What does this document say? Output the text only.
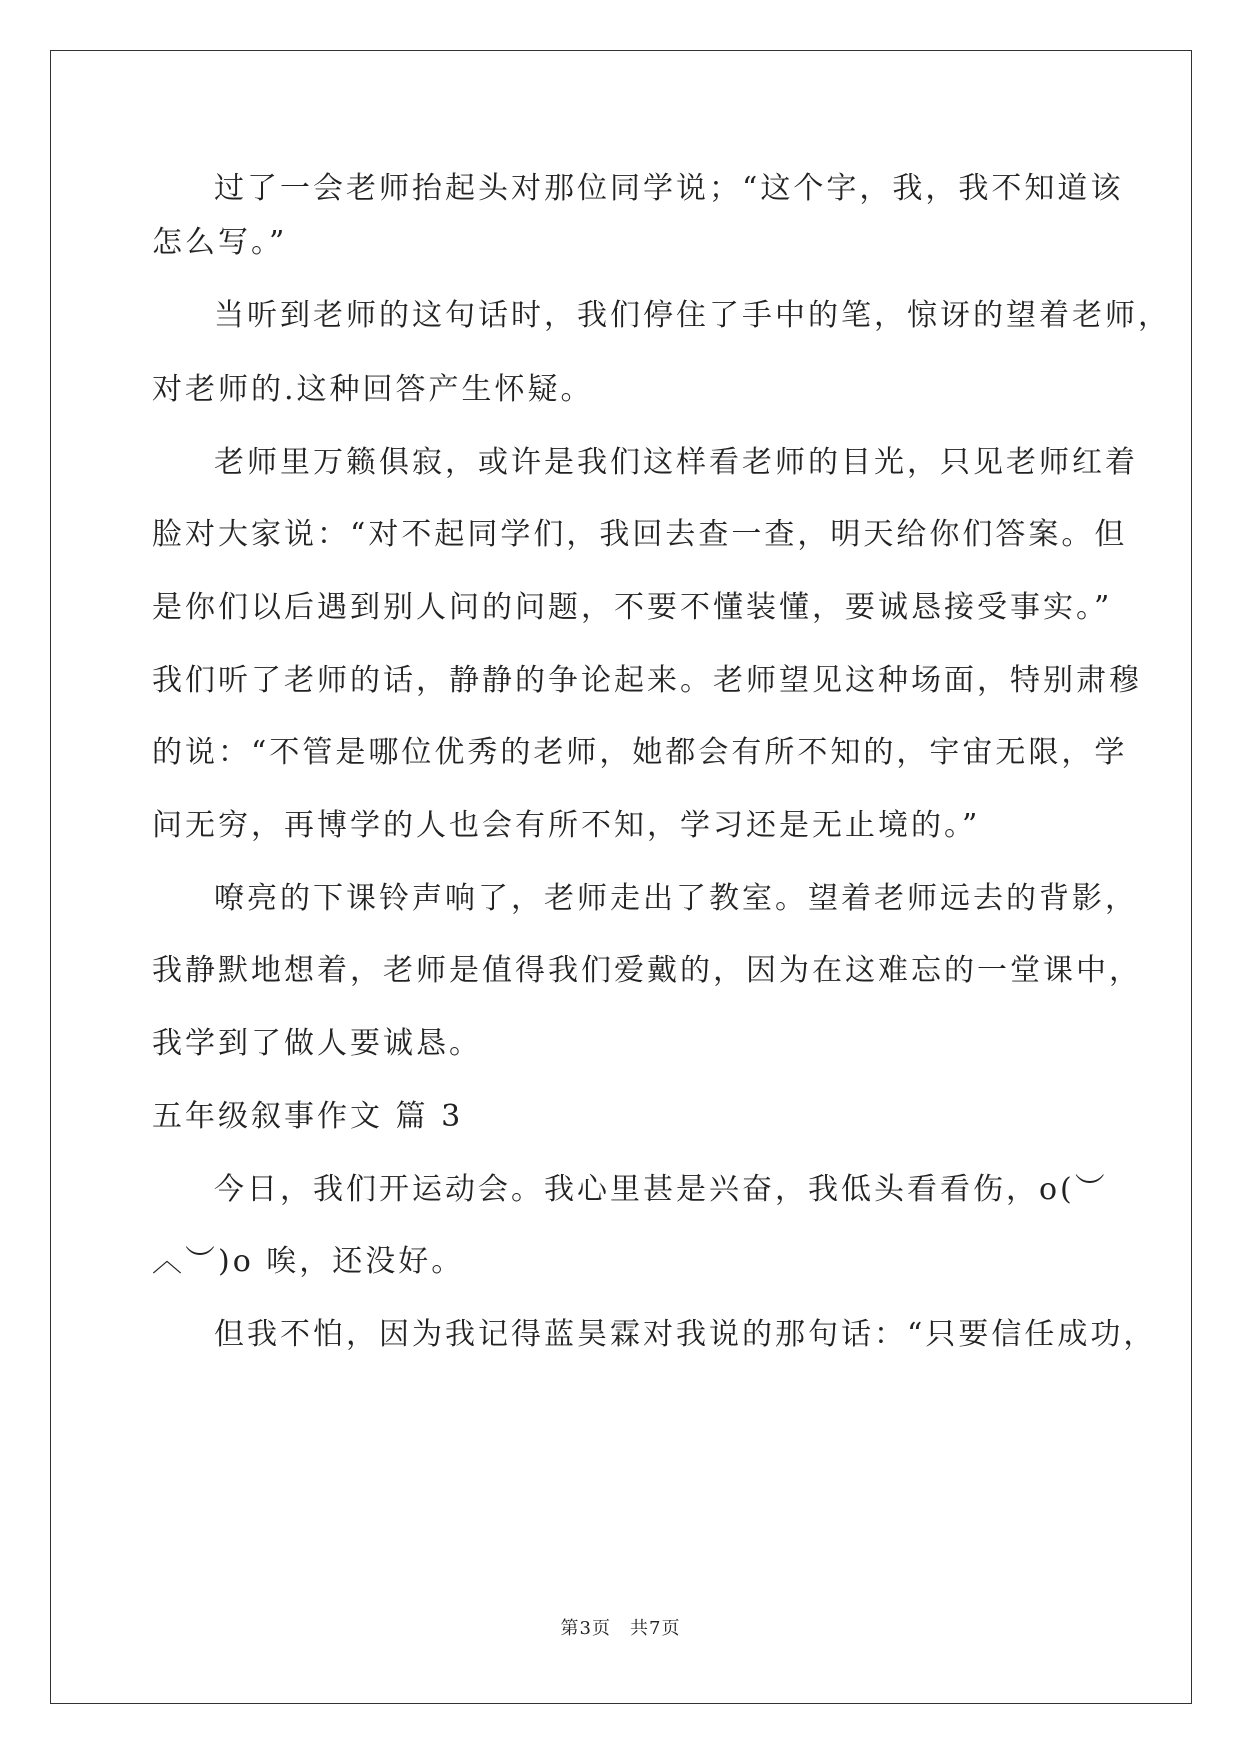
过了一会老师抬起头对那位同学说；“这个字，我，我不知道该
怎么写。”
当听到老师的这句话时，我们停住了手中的笔，惊讶的望着老师，
对老师的.这种回答产生怀疑。
老师里万籁俱寂，或许是我们这样看老师的目光，只见老师红着
脸对大家说：“对不起同学们，我回去查一查，明天给你们答案。但
是你们以后遇到别人问的问题，不要不懂装懂，要诚恳接受事实。”
我们听了老师的话，静静的争论起来。老师望见这种场面，特别肃穆
的说：“不管是哪位优秀的老师，她都会有所不知的，宇宙无限，学
问无穷，再博学的人也会有所不知，学习还是无止境的。”
嘹亮的下课铃声响了，老师走出了教室。望着老师远去的背影，
我静默地想着，老师是值得我们爱戴的，因为在这难忘的一堂课中，
我学到了做人要诚恳。
五年级叙事作文 篇 3
今日，我们开运动会。我心里甚是兴奋，我低头看看伤，o(︶
︿︶)o 唉，还没好。
但我不怕，因为我记得蓝昊霖对我说的那句话：“只要信任成功，
第3页　共7页
